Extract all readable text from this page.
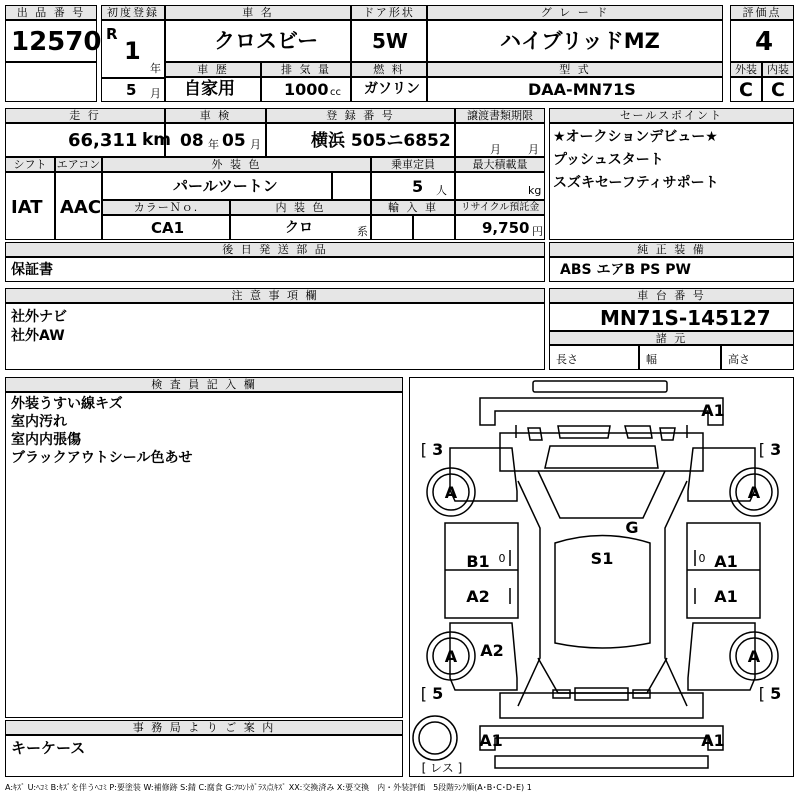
出 品 番 号
12570
初度登録
R
1
年
5 月
車 名
クロスビー
車 歴
自家用
排 気 量
1000 cc
ドア形状
5W
燃 料
ガソリン
グ レ ー ド
ハイブリッドMZ
型 式
DAA-MN71S
評価点
4
外装 内装
C C
走 行
66,311 km
車 検
08 年 05 月
登 録 番 号
横浜 505ニ6852
譲渡書類期限
月 月
セールスポイント
★オークションデビュー★
プッシュスタート
スズキセーフティサポート
シフト
IAT
エアコン
AAC
外 装 色
パールツートン
乗車定員
5 人
最大積載量
kg
カラーＮｏ.
CA1
内 装 色
クロ	系
輸 入 車	リサイクル預託金
9,750 円
後 日 発 送 部 品
保証書
純 正 装 備
ABS エアB PS PW
注 意 事 項 欄
社外ナビ
社外AW
車 台 番 号
MN71S-145127
諸 元
長さ	幅	高さ
検 査 員 記 入 欄
外装うすい線キズ
室内汚れ
室内内張傷
ブラックアウトシール色あせ
事 務 局 よ り ご 案 内
キーケース
A1
[ 3	[ 3
A	A
G
S1
B1	A1
A2	A1
A	A
A2
[ 5	[ 5
A1	A1
[ レス ]
0	0
A:ｷｽﾞ U:ﾍｺﾐ B:ｷｽﾞを伴うﾍｺﾐ P:要塗装 W:補修跡 S:錆 C:腐食 G:ﾌﾛﾝﾄｶﾞﾗｽ点ｷｽﾞ XX:交換済み X:要交換　内・外装評価　5段階ﾗﾝｸ順(A･B･C･D･E) 1
